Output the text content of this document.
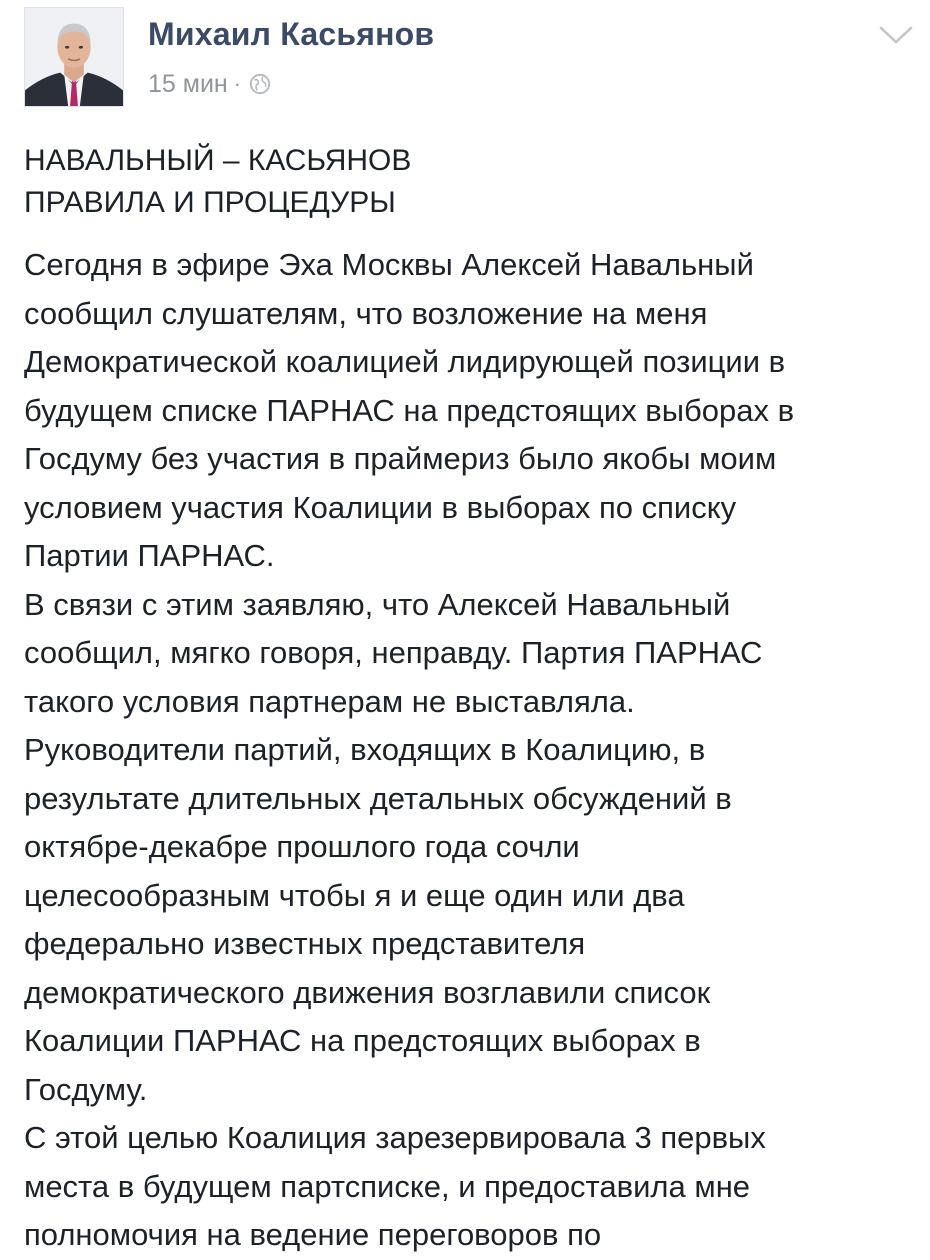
Михаил Касьянов
15 мин ·
НАВАЛЬНЫЙ – КАСЬЯНОВ
ПРАВИЛА И ПРОЦЕДУРЫ
Сегодня в эфире Эха Москвы Алексей Навальный
сообщил слушателям, что возложение на меня
Демократической коалицией лидирующей позиции в
будущем списке ПАРНАС на предстоящих выборах в
Госдуму без участия в праймериз было якобы моим
условием участия Коалиции в выборах по списку
Партии ПАРНАС.
В связи с этим заявляю, что Алексей Навальный
сообщил, мягко говоря, неправду. Партия ПАРНАС
такого условия партнерам не выставляла.
Руководители партий, входящих в Коалицию, в
результате длительных детальных обсуждений в
октябре-декабре прошлого года сочли
целесообразным чтобы я и еще один или два
федерально известных представителя
демократического движения возглавили список
Коалиции ПАРНАС на предстоящих выборах в
Госдуму.
С этой целью Коалиция зарезервировала 3 первых
места в будущем партсписке, и предоставила мне
полномочия на ведение переговоров по
